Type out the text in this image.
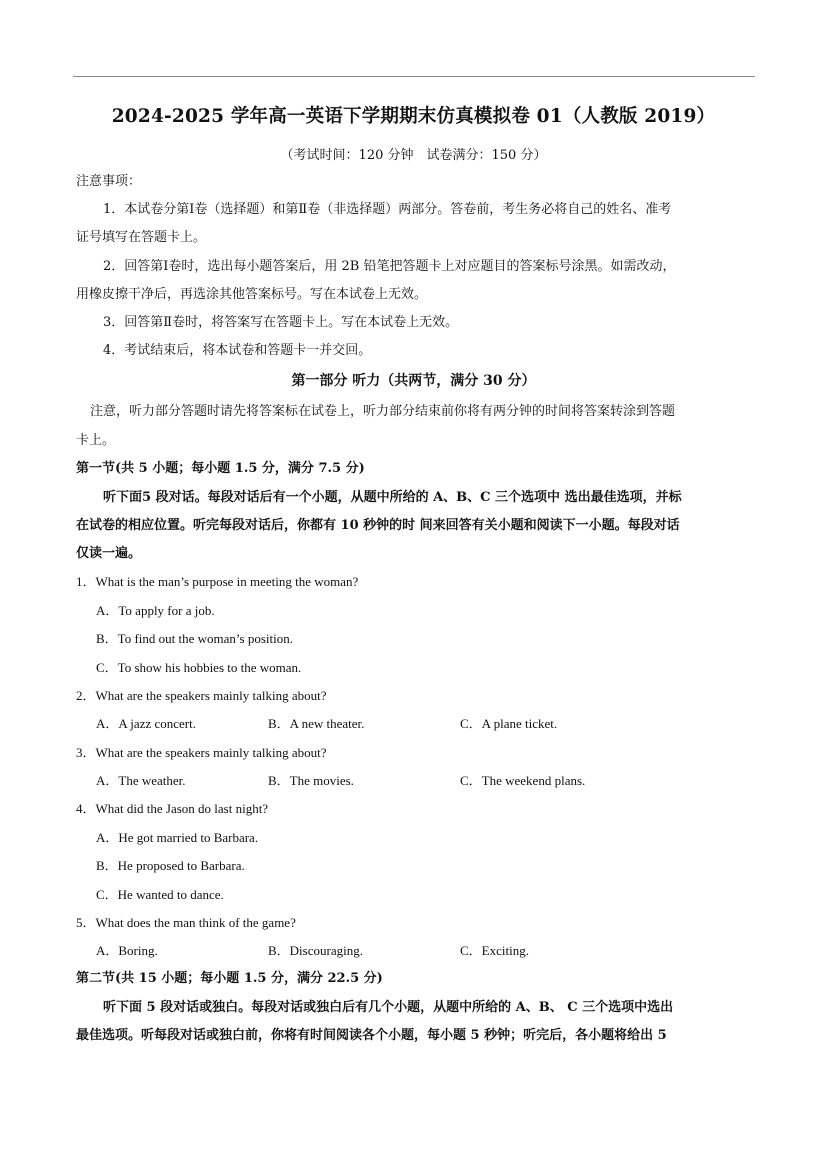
2024-2025 学年高一英语下学期期末仿真模拟卷 01（人教版 2019）
（考试时间：120 分钟　试卷满分：150 分）
注意事项：
1．本试卷分第Ⅰ卷（选择题）和第Ⅱ卷（非选择题）两部分。答卷前，考生务必将自己的姓名、准考
证号填写在答题卡上。
2．回答第Ⅰ卷时，选出每小题答案后，用 2B 铅笔把答题卡上对应题目的答案标号涂黑。如需改动，
用橡皮擦干净后，再选涂其他答案标号。写在本试卷上无效。
3．回答第Ⅱ卷时，将答案写在答题卡上。写在本试卷上无效。
4．考试结束后，将本试卷和答题卡一并交回。
第一部分 听力（共两节，满分 30 分）
注意，听力部分答题时请先将答案标在试卷上，听力部分结束前你将有两分钟的时间将答案转涂到答题
卡上。
第一节(共 5 小题；每小题 1.5 分，满分 7.5 分)
听下面5 段对话。每段对话后有一个小题，从题中所给的 A、B、C 三个选项中 选出最佳选项，并标
在试卷的相应位置。听完每段对话后，你都有 10 秒钟的时 间来回答有关小题和阅读下一小题。每段对话
仅读一遍。
1．What is the man’s purpose in meeting the woman?
A．To apply for a job.
B．To find out the woman’s position.
C．To show his hobbies to the woman.
2．What are the speakers mainly talking about?
A．A jazz concert.	B．A new theater.	C．A plane ticket.
3．What are the speakers mainly talking about?
A．The weather.	B．The movies.	C．The weekend plans.
4．What did the Jason do last night?
A．He got married to Barbara.
B．He proposed to Barbara.
C．He wanted to dance.
5．What does the man think of the game?
A．Boring.	B．Discouraging.	C．Exciting.
第二节(共 15 小题；每小题 1.5 分，满分 22.5 分)
听下面 5 段对话或独白。每段对话或独白后有几个小题，从题中所给的 A、B、 C 三个选项中选出
最佳选项。听每段对话或独白前，你将有时间阅读各个小题，每小题 5 秒钟；听完后，各小题将给出 5
